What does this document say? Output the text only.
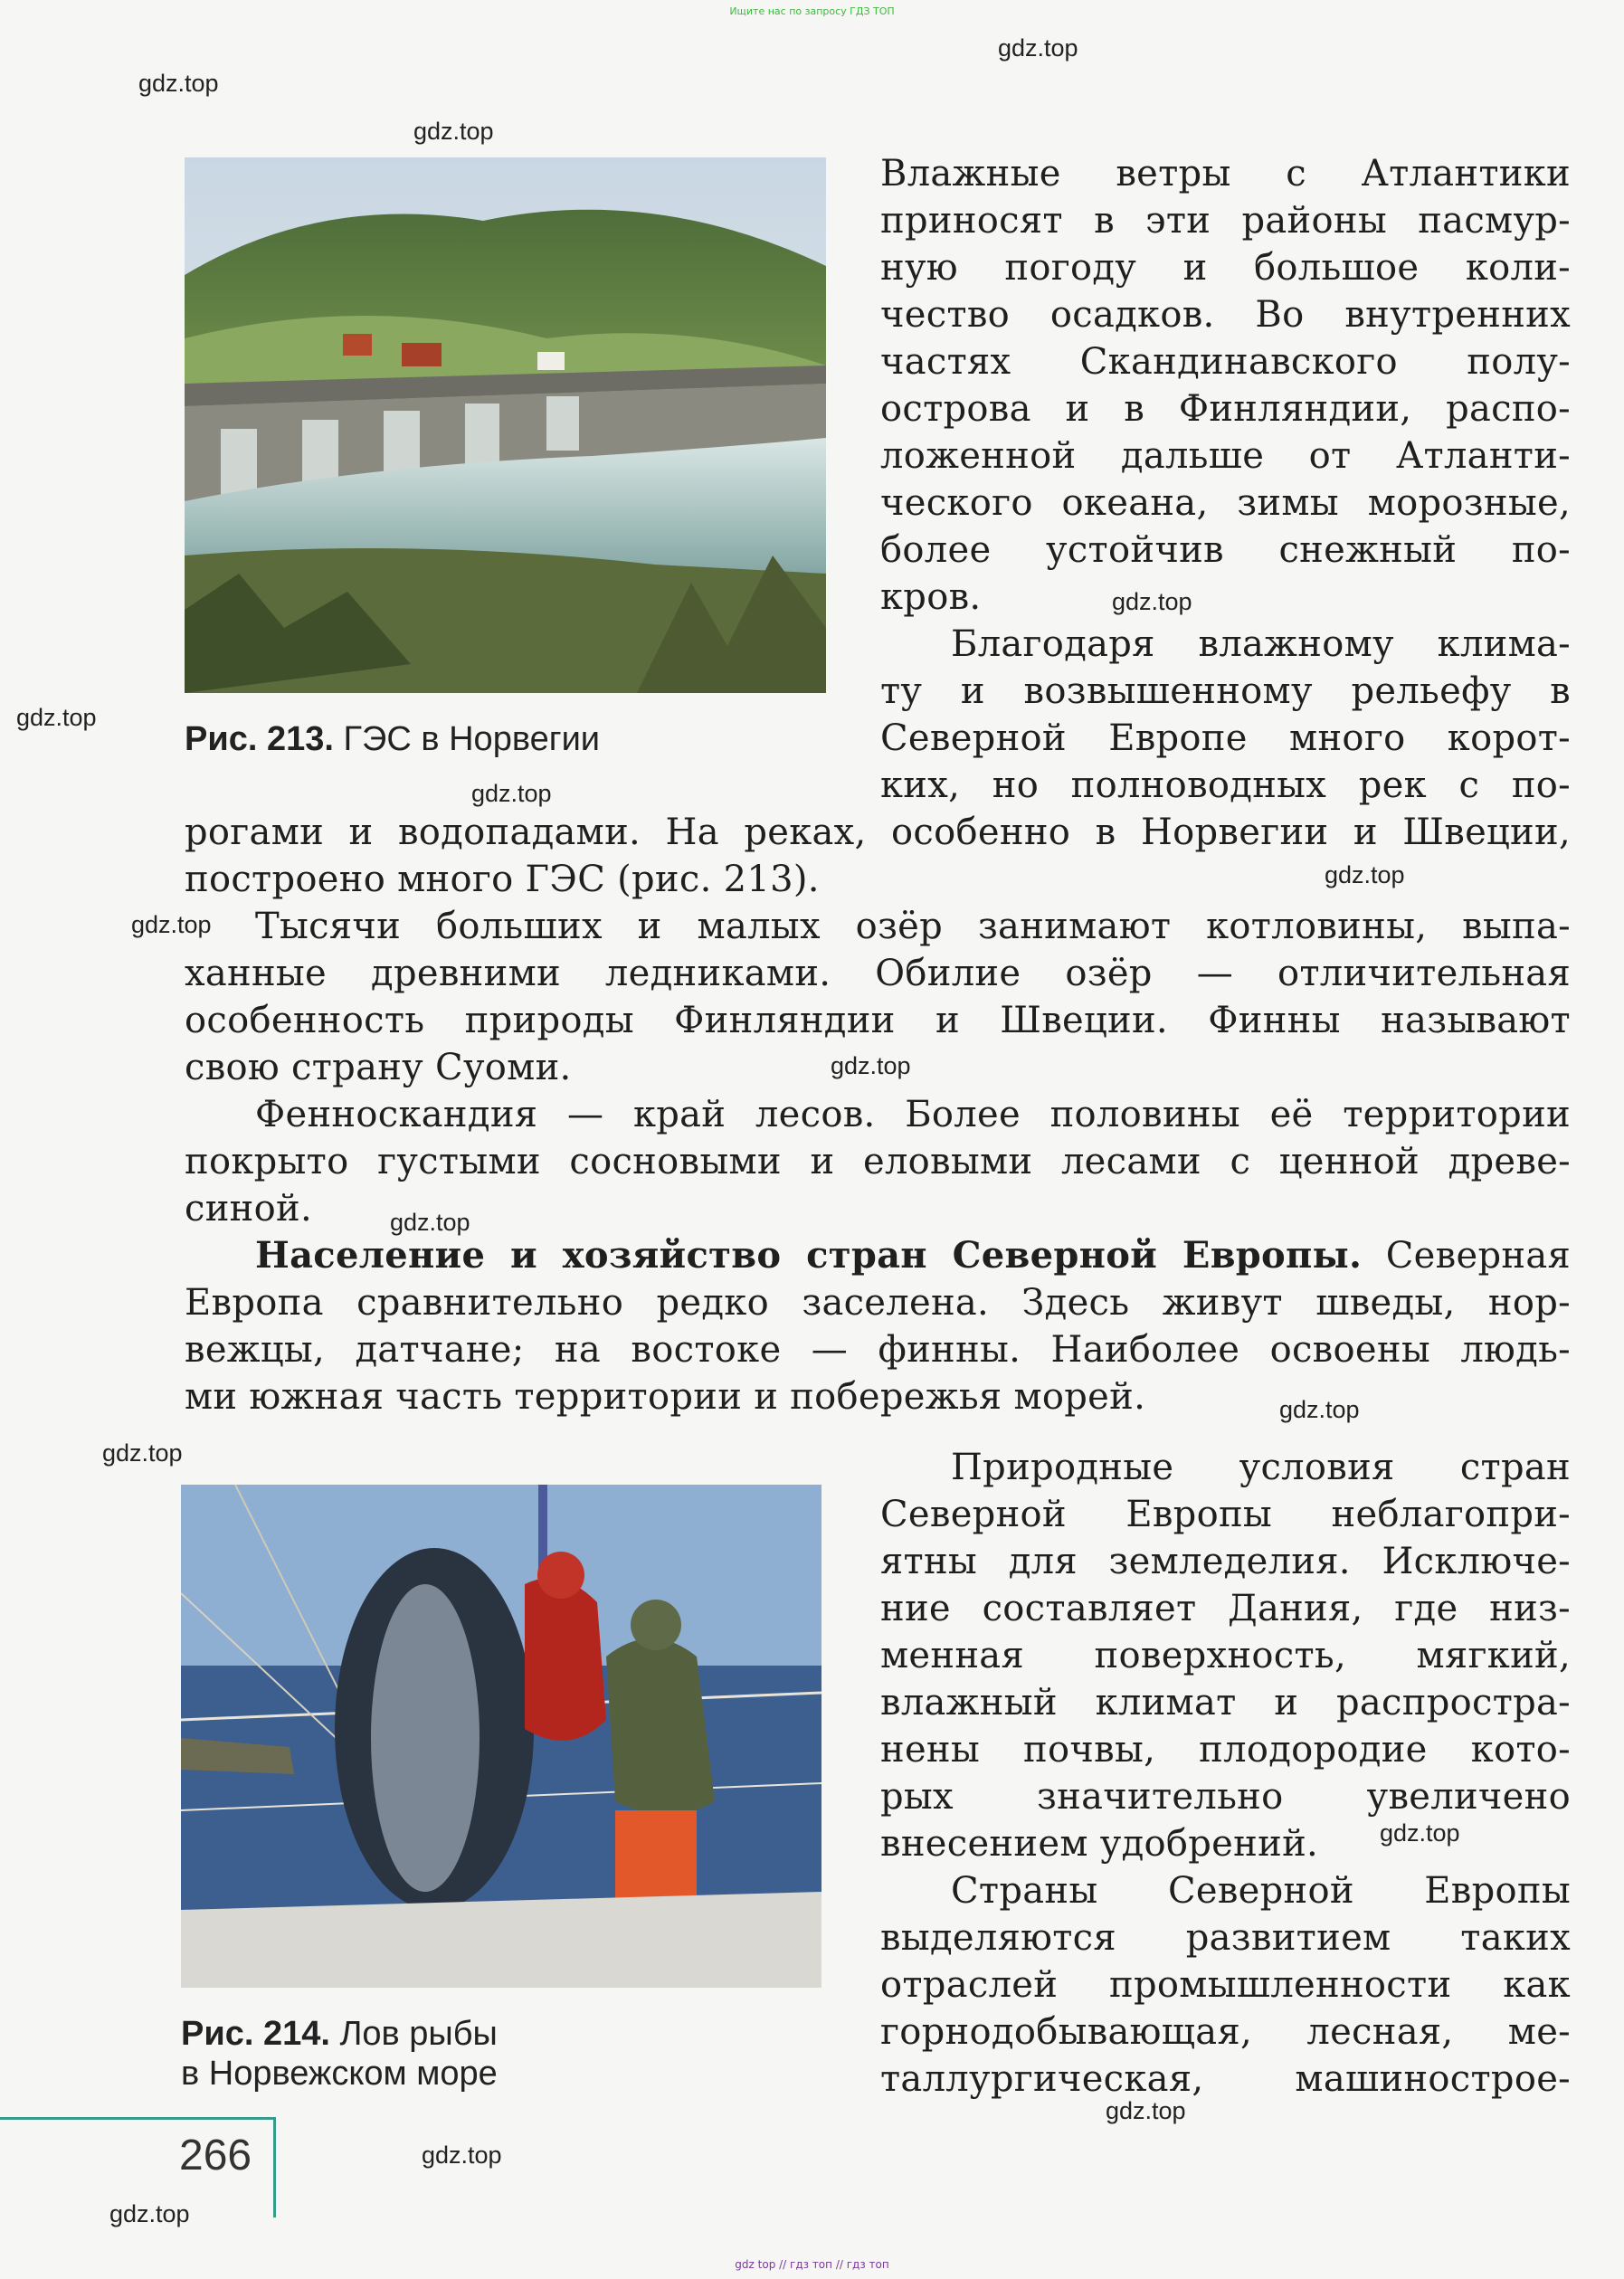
Ищите нас по запросу ГДЗ ТОП
gdz.top
gdz.top
gdz.top
gdz.top
gdz.top
gdz.top
gdz.top
gdz.top
gdz.top
gdz.top
gdz.top
gdz.top
gdz.top
gdz.top
gdz.top
gdz.top
Рис. 213. ГЭС в Норвегии
Влажные ветры с Атлантики
приносят в эти районы пасмур-
ную погоду и большое коли-
чество осадков. Во внутренних
частях Скандинавского полу-
острова и в Финляндии, распо-
ложенной дальше от Атланти-
ческого океана, зимы морозные,
более устойчив снежный по-
кров.
Благодаря влажному клима-
ту и возвышенному рельефу в
Северной Европе много корот-
ких, но полноводных рек с по-
рогами и водопадами. На реках, особенно в Норвегии и Швеции,
построено много ГЭС (рис. 213).
Тысячи больших и малых озёр занимают котловины, выпа-
ханные древними ледниками. Обилие озёр — отличительная
особенность природы Финляндии и Швеции. Финны называют
свою страну Суоми.
Фенноскандия — край лесов. Более половины её территории
покрыто густыми сосновыми и еловыми лесами с ценной древе-
синой.
Население и хозяйство стран Северной Европы. Северная
Европа сравнительно редко заселена. Здесь живут шведы, нор-
вежцы, датчане; на востоке — финны. Наиболее освоены людь-
ми южная часть территории и побережья морей.
Рис. 214. Лов рыбы
в Норвежском море
Природные условия стран
Северной Европы неблагопри-
ятны для земледелия. Исключе-
ние составляет Дания, где низ-
менная поверхность, мягкий,
влажный климат и распростра-
нены почвы, плодородие кото-
рых значительно увеличено
внесением удобрений.
Страны Северной Европы
выделяются развитием таких
отраслей промышленности как
горнодобывающая, лесная, ме-
таллургическая, машинострое-
266
gdz top // гдз топ // гдз топ
